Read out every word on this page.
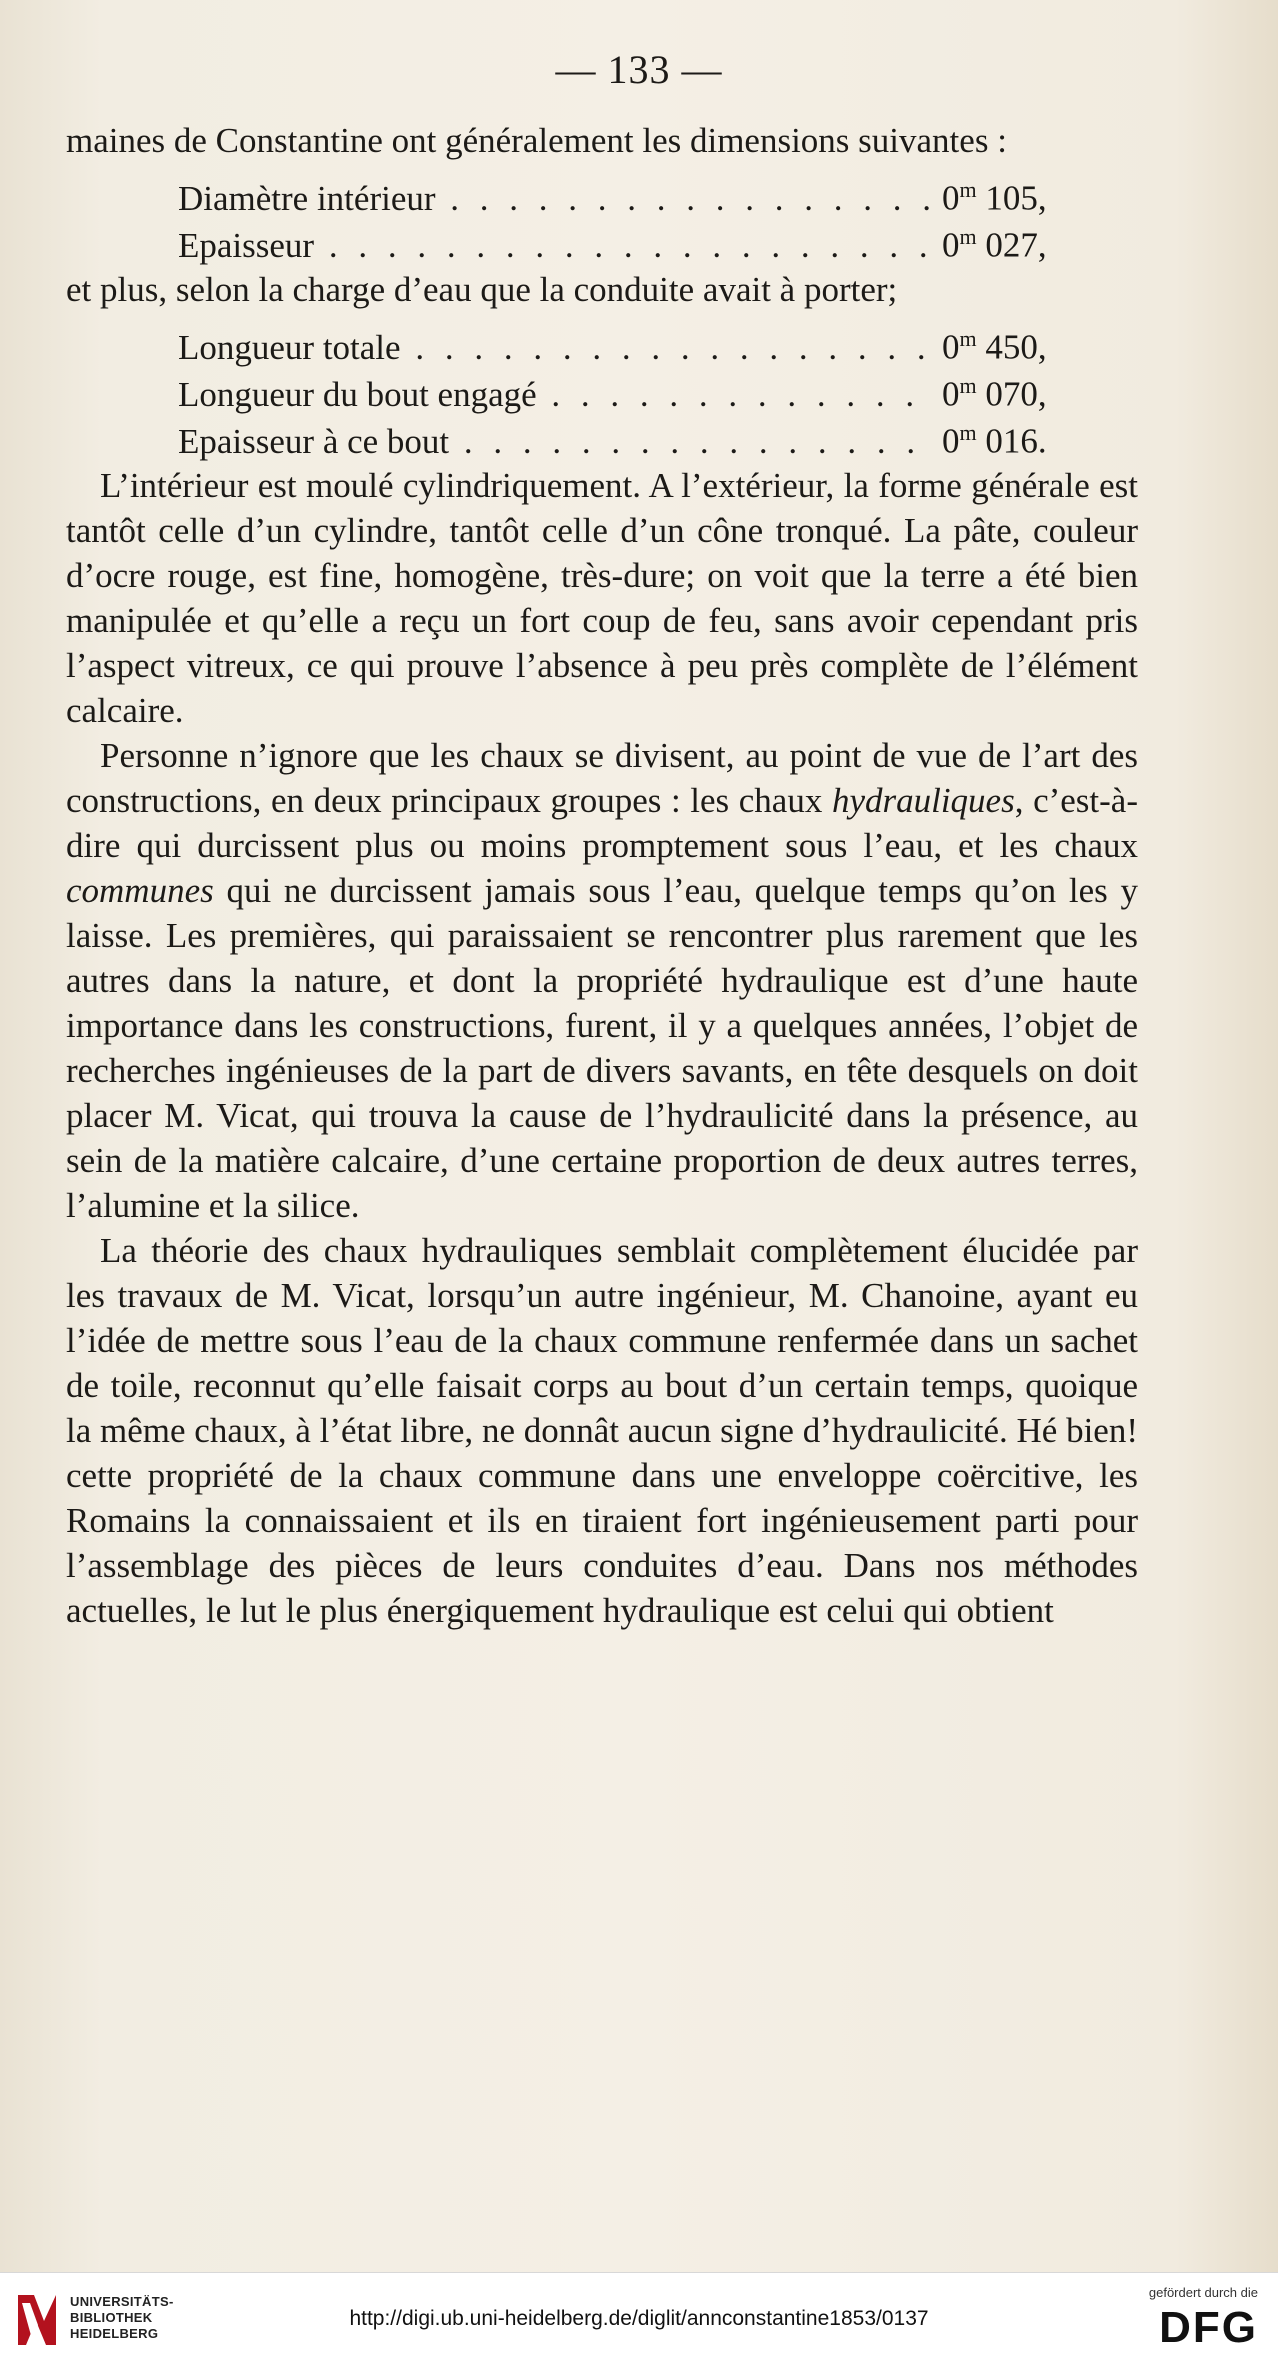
— 133 —

maines de Constantine ont généralement les dimensions suivantes :

Diamètre intérieur . . .	0$^m$ 105,
Epaisseur . . .	0$^m$ 027,

et plus, selon la charge d’eau que la conduite avait à porter;

Longueur totale . . .	0$^m$ 450,
Longueur du bout engagé . . .	0$^m$ 070,
Epaisseur à ce bout . . .	0$^m$ 016.

L’intérieur est moulé cylindriquement. A l’extérieur, la forme générale est tantôt celle d’un cylindre, tantôt celle d’un cône tronqué. La pâte, couleur d’ocre rouge, est fine, homogène, très-dure; on voit que la terre a été bien manipulée et qu’elle a reçu un fort coup de feu, sans avoir cependant pris l’aspect vitreux, ce qui prouve l’absence à peu près complète de l’élément calcaire.

Personne n’ignore que les chaux se divisent, au point de vue de l’art des constructions, en deux principaux groupes : les chaux hydrauliques, c’est-à-dire qui durcissent plus ou moins promptement sous l’eau, et les chaux communes qui ne durcissent jamais sous l’eau, quelque temps qu’on les y laisse. Les premières, qui paraissaient se rencontrer plus rarement que les autres dans la nature, et dont la propriété hydraulique est d’une haute importance dans les constructions, furent, il y a quelques années, l’objet de recherches ingénieuses de la part de divers savants, en tête desquels on doit placer M. Vicat, qui trouva la cause de l’hydraulicité dans la présence, au sein de la matière calcaire, d’une certaine proportion de deux autres terres, l’alumine et la silice.

La théorie des chaux hydrauliques semblait complètement élucidée par les travaux de M. Vicat, lorsqu’un autre ingénieur, M. Chanoine, ayant eu l’idée de mettre sous l’eau de la chaux commune renfermée dans un sachet de toile, reconnut qu’elle faisait corps au bout d’un certain temps, quoique la même chaux, à l’état libre, ne donnât aucun signe d’hydraulicité. Hé bien! cette propriété de la chaux commune dans une enveloppe coërcitive, les Romains la connaissaient et ils en tiraient fort ingénieusement parti pour l’assemblage des pièces de leurs conduites d’eau. Dans nos méthodes actuelles, le lut le plus énergiquement hydraulique est celui qui obtient

UNIVERSITÄTS-
BIBLIOTHEK
HEIDELBERG
http://digi.ub.uni-heidelberg.de/diglit/annconstantine1853/0137
gefördert durch die
DFG
